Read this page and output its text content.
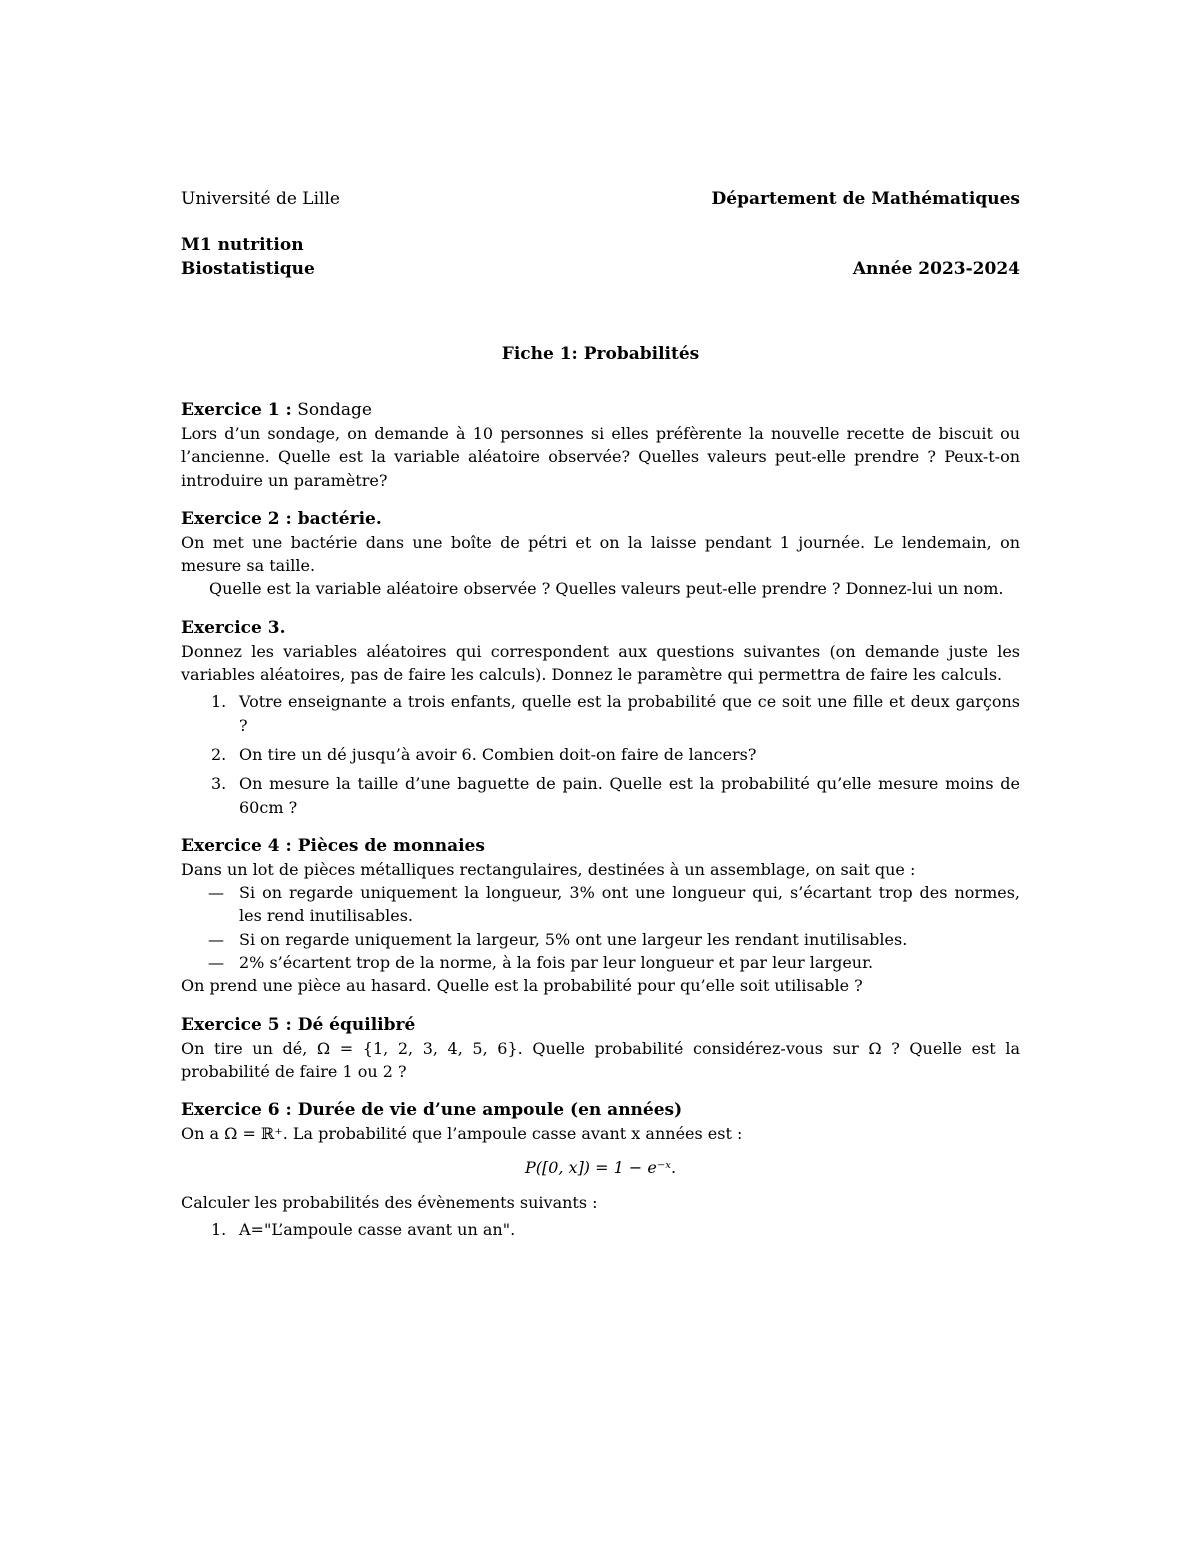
Université de Lille	Département de Mathématiques
M1 nutrition
Biostatistique	Année 2023-2024
Fiche 1: Probabilités
Exercice 1 : Sondage

Lors d’un sondage, on demande à 10 personnes si elles préfèrente la nouvelle recette de biscuit ou l’ancienne. Quelle est la variable aléatoire observée? Quelles valeurs peut-elle prendre ? Peux-t-on introduire un paramètre?

Exercice 2 : bactérie.

On met une bactérie dans une boîte de pétri et on la laisse pendant 1 journée. Le lendemain, on mesure sa taille.

Quelle est la variable aléatoire observée ? Quelles valeurs peut-elle prendre ? Donnez-lui un nom.

Exercice 3.

Donnez les variables aléatoires qui correspondent aux questions suivantes (on demande juste les variables aléatoires, pas de faire les calculs). Donnez le paramètre qui permettra de faire les calculs.

1. Votre enseignante a trois enfants, quelle est la probabilité que ce soit une fille et deux garçons ?
2. On tire un dé jusqu’à avoir 6. Combien doit-on faire de lancers?
3. On mesure la taille d’une baguette de pain. Quelle est la probabilité qu’elle mesure moins de 60cm ?
Exercice 4 : Pièces de monnaies

Dans un lot de pièces métalliques rectangulaires, destinées à un assemblage, on sait que :

— Si on regarde uniquement la longueur, 3% ont une longueur qui, s’écartant trop des normes, les rend inutilisables.
— Si on regarde uniquement la largeur, 5% ont une largeur les rendant inutilisables.
— 2% s’écartent trop de la norme, à la fois par leur longueur et par leur largeur.

On prend une pièce au hasard. Quelle est la probabilité pour qu’elle soit utilisable ?

Exercice 5 : Dé équilibré

On tire un dé, Ω = {1, 2, 3, 4, 5, 6}. Quelle probabilité considérez-vous sur Ω ? Quelle est la probabilité de faire 1 ou 2 ?

Exercice 6 : Durée de vie d’une ampoule (en années)

On a Ω = ℝ⁺. La probabilité que l’ampoule casse avant x années est :

P([0, x]) = 1 − e⁻ˣ.

Calculer les probabilités des évènements suivants :

1. A="L’ampoule casse avant un an".
